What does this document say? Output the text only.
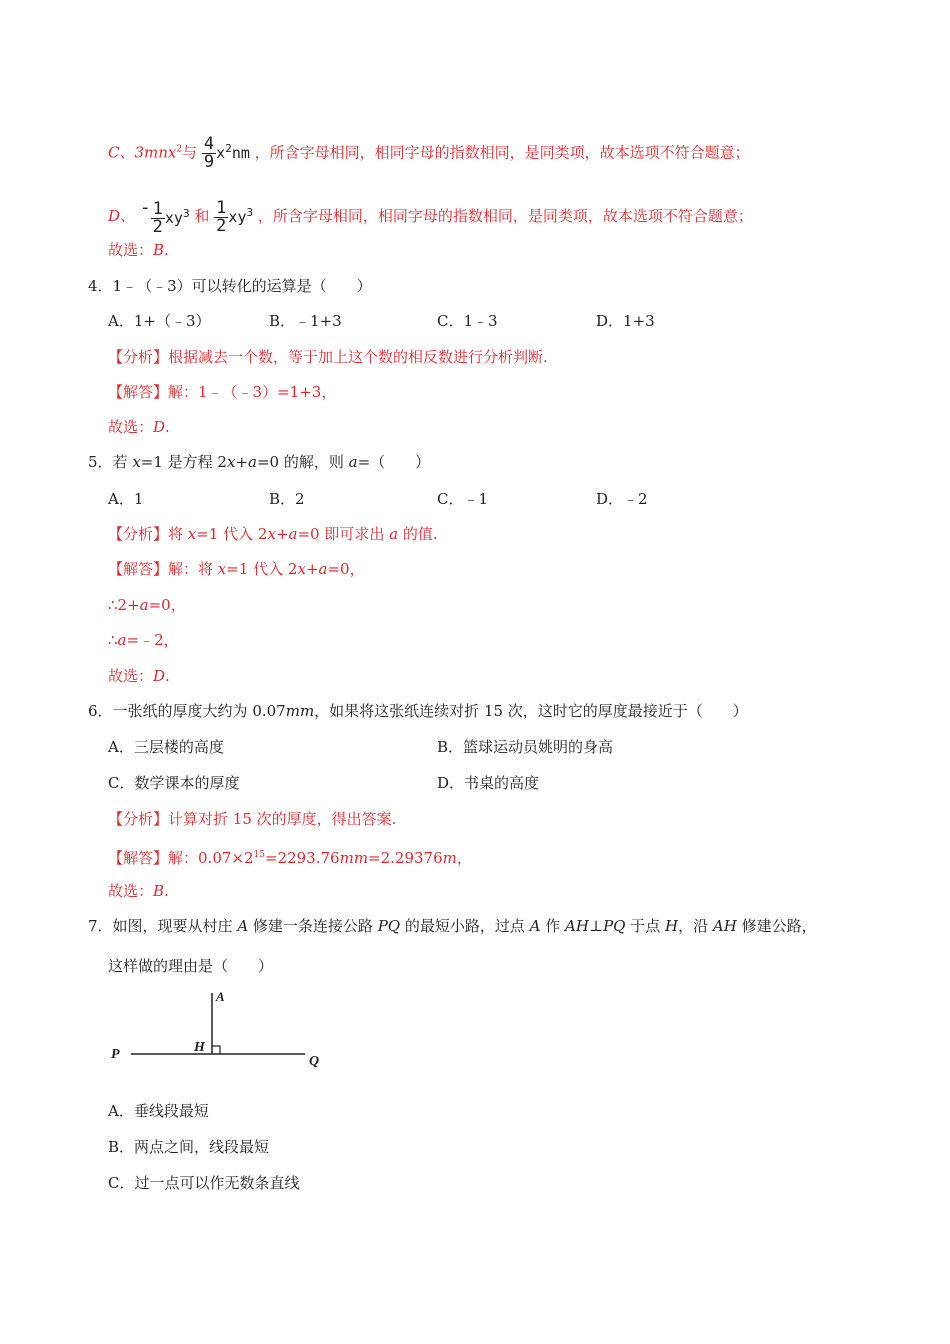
C、3mnx$^2$与 $\frac{4}{9} x^2nm$ ，所含字母相同，相同字母的指数相同，是同类项，故本选项不符合题意；
D、 - $\frac{1}{2} xy^3$ 和 $\frac{1}{2} xy^3$ ，所含字母相同，相同字母的指数相同，是同类项，故本选项不符合题意；
故选：B.
4．1﹣（﹣3）可以转化的运算是（　　）
A．1+（﹣3）	B．﹣1+3	C．1﹣3	D．1+3
【分析】根据减去一个数，等于加上这个数的相反数进行分析判断.
【解答】解：1﹣（﹣3）=1+3，
故选：D.
5．若 x=1 是方程 2x+a=0 的解，则 a=（　　）
A．1	B．2	C．﹣1	D．﹣2
【分析】将 x=1 代入 2x+a=0 即可求出 a 的值.
【解答】解：将 x=1 代入 2x+a=0，
∴2+a=0，
∴a=﹣2，
故选：D.
6．一张纸的厚度大约为 0.07mm，如果将这张纸连续对折 15 次，这时它的厚度最接近于（　　）
A．三层楼的高度	B．篮球运动员姚明的身高
C．数学课本的厚度	D．书桌的高度
【分析】计算对折 15 次的厚度，得出答案.
【解答】解：$0.07\times 2^{15}=2293.76mm=2.29376m$，
故选：B.
7．如图，现要从村庄 A 修建一条连接公路 PQ 的最短小路，过点 A 作 AH⊥PQ 于点 H，沿 AH 修建公路，
这样做的理由是（　　）
A
H
P	Q
A．垂线段最短
B．两点之间，线段最短
C．过一点可以作无数条直线
